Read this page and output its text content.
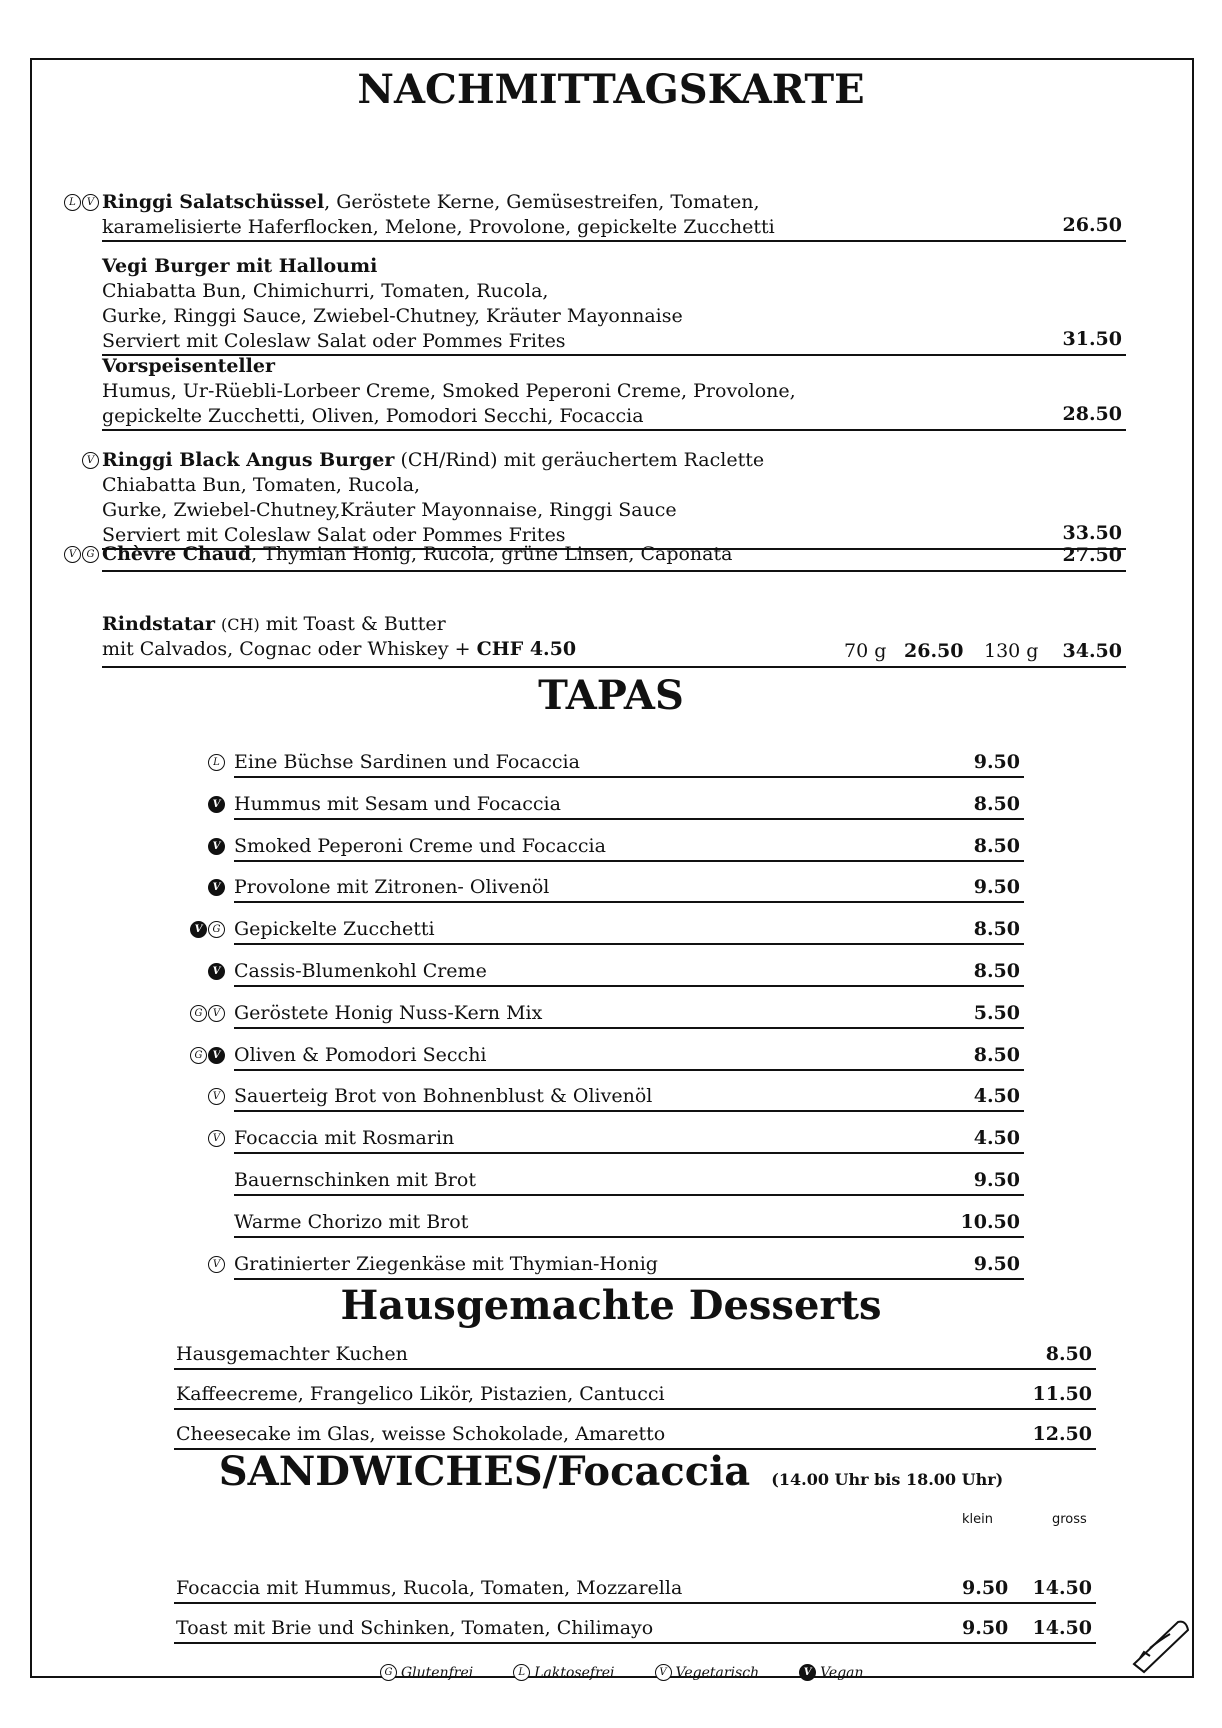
NACHMITTAGSKARTE
Ringgi Salatschüssel, Geröstete Kerne, Gemüsestreifen, Tomaten,
karamelisierte Haferflocken, Melone, Provolone, gepickelte Zucchetti	26.50
Vegi Burger mit Halloumi
Chiabatta Bun, Chimichurri, Tomaten, Rucola,
Gurke, Ringgi Sauce, Zwiebel-Chutney, Kräuter Mayonnaise
Serviert mit Coleslaw Salat oder Pommes Frites	31.50
Vorspeisenteller
Humus, Ur-Rüebli-Lorbeer Creme, Smoked Peperoni Creme, Provolone,
gepickelte Zucchetti, Oliven, Pomodori Secchi, Focaccia	28.50
Ringgi Black Angus Burger (CH/Rind) mit geräuchertem Raclette
Chiabatta Bun, Tomaten, Rucola,
Gurke, Zwiebel-Chutney,Kräuter Mayonnaise, Ringgi Sauce
Serviert mit Coleslaw Salat oder Pommes Frites	33.50
Chèvre Chaud, Thymian Honig, Rucola, grüne Linsen, Caponata	27.50
Rindstatar (CH) mit Toast & Butter
mit Calvados, Cognac oder Whiskey + CHF 4.50	70 g 26.50 130 g 34.50
TAPAS
Eine Büchse Sardinen und Focaccia	9.50
Hummus mit Sesam und Focaccia	8.50
Smoked Peperoni Creme und Focaccia	8.50
Provolone mit Zitronen- Olivenöl	9.50
Gepickelte Zucchetti	8.50
Cassis-Blumenkohl Creme	8.50
Geröstete Honig Nuss-Kern Mix	5.50
Oliven & Pomodori Secchi	8.50
Sauerteig Brot von Bohnenblust & Olivenöl	4.50
Focaccia mit Rosmarin	4.50
Bauernschinken mit Brot	9.50
Warme Chorizo mit Brot	10.50
Gratinierter Ziegenkäse mit Thymian-Honig	9.50
Hausgemachte Desserts
Hausgemachter Kuchen	8.50
Kaffeecreme, Frangelico Likör, Pistazien, Cantucci	11.50
Cheesecake im Glas, weisse Schokolade, Amaretto	12.50
SANDWICHES/Focaccia (14.00 Uhr bis 18.00 Uhr)
klein	gross
Focaccia mit Hummus, Rucola, Tomaten, Mozzarella	9.50 14.50
Toast mit Brie und Schinken, Tomaten, Chilimayo	9.50 14.50
G Glutenfrei	L Laktosefrei	V Vegetarisch	V Vegan
L	V
V
V	G
L
V
V
V
V	G
V
G	V
G	V
V
V
V
